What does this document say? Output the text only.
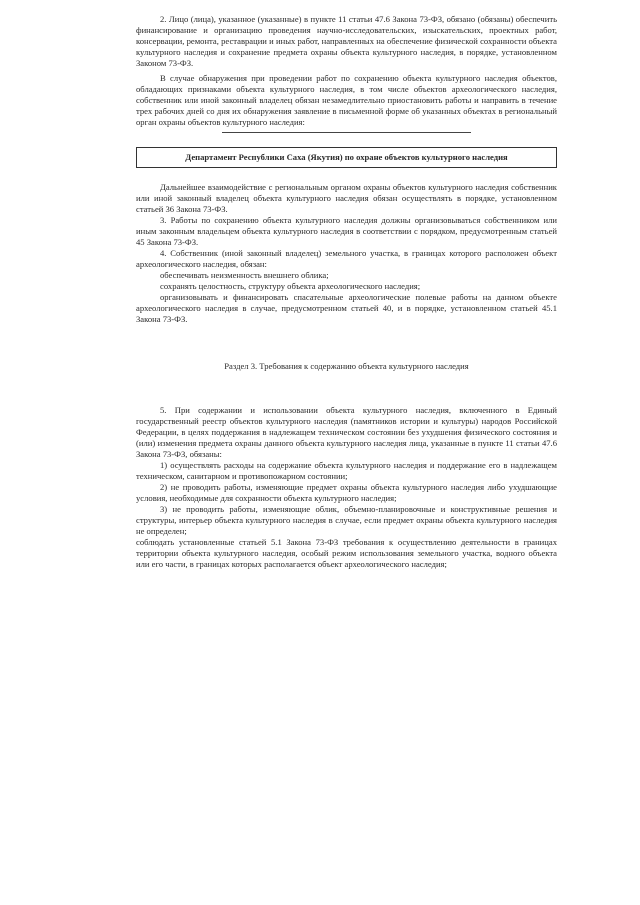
2. Лицо (лица), указанное (указанные) в пункте 11 статьи 47.6 Закона 73-ФЗ, обязано (обязаны) обеспечить финансирование и организацию проведения научно-исследовательских, изыскательских, проектных работ, консервации, ремонта, реставрации и иных работ, направленных на обеспечение физической сохранности объекта культурного наследия и сохранение предмета охраны объекта культурного наследия, в порядке, установленном Законом 73-ФЗ.

В случае обнаружения при проведении работ по сохранению объекта культурного наследия объектов, обладающих признаками объекта культурного наследия, в том числе объектов археологического наследия, собственник или иной законный владелец обязан незамедлительно приостановить работы и направить в течение трех рабочих дней со дня их обнаружения заявление в письменной форме об указанных объектах в региональный орган охраны объектов культурного наследия:

Департамент Республики Саха (Якутия) по охране объектов культурного наследия

Дальнейшее взаимодействие с региональным органом охраны объектов культурного наследия собственник или иной законный владелец объекта культурного наследия обязан осуществлять в порядке, установленном статьей 36 Закона 73-ФЗ.

3. Работы по сохранению объекта культурного наследия должны организовываться собственником или иным законным владельцем объекта культурного наследия в соответствии с порядком, предусмотренным статьей 45 Закона 73-ФЗ.

4. Собственник (иной законный владелец) земельного участка, в границах которого расположен объект археологического наследия, обязан:

обеспечивать неизменность внешнего облика;

сохранять целостность, структуру объекта археологического наследия;

организовывать и финансировать спасательные археологические полевые работы на данном объекте археологического наследия в случае, предусмотренном статьей 40, и в порядке, установленном статьей 45.1 Закона 73-ФЗ.

Раздел 3. Требования к содержанию объекта культурного наследия

5. При содержании и использовании объекта культурного наследия, включенного в Единый государственный реестр объектов культурного наследия (памятников истории и культуры) народов Российской Федерации, в целях поддержания в надлежащем техническом состоянии без ухудшения физического состояния и (или) изменения предмета охраны данного объекта культурного наследия лица, указанные в пункте 11 статьи 47.6 Закона 73-ФЗ, обязаны:

1) осуществлять расходы на содержание объекта культурного наследия и поддержание его в надлежащем техническом, санитарном и противопожарном состоянии;

2) не проводить работы, изменяющие предмет охраны объекта культурного наследия либо ухудшающие условия, необходимые для сохранности объекта культурного наследия;

3) не проводить работы, изменяющие облик, объемно-планировочные и конструктивные решения и структуры, интерьер объекта культурного наследия в случае, если предмет охраны объекта культурного наследия не определен;

соблюдать установленные статьей 5.1 Закона 73-ФЗ требования к осуществлению деятельности в границах территории объекта культурного наследия, особый режим использования земельного участка, водного объекта или его части, в границах которых располагается объект археологического наследия;
